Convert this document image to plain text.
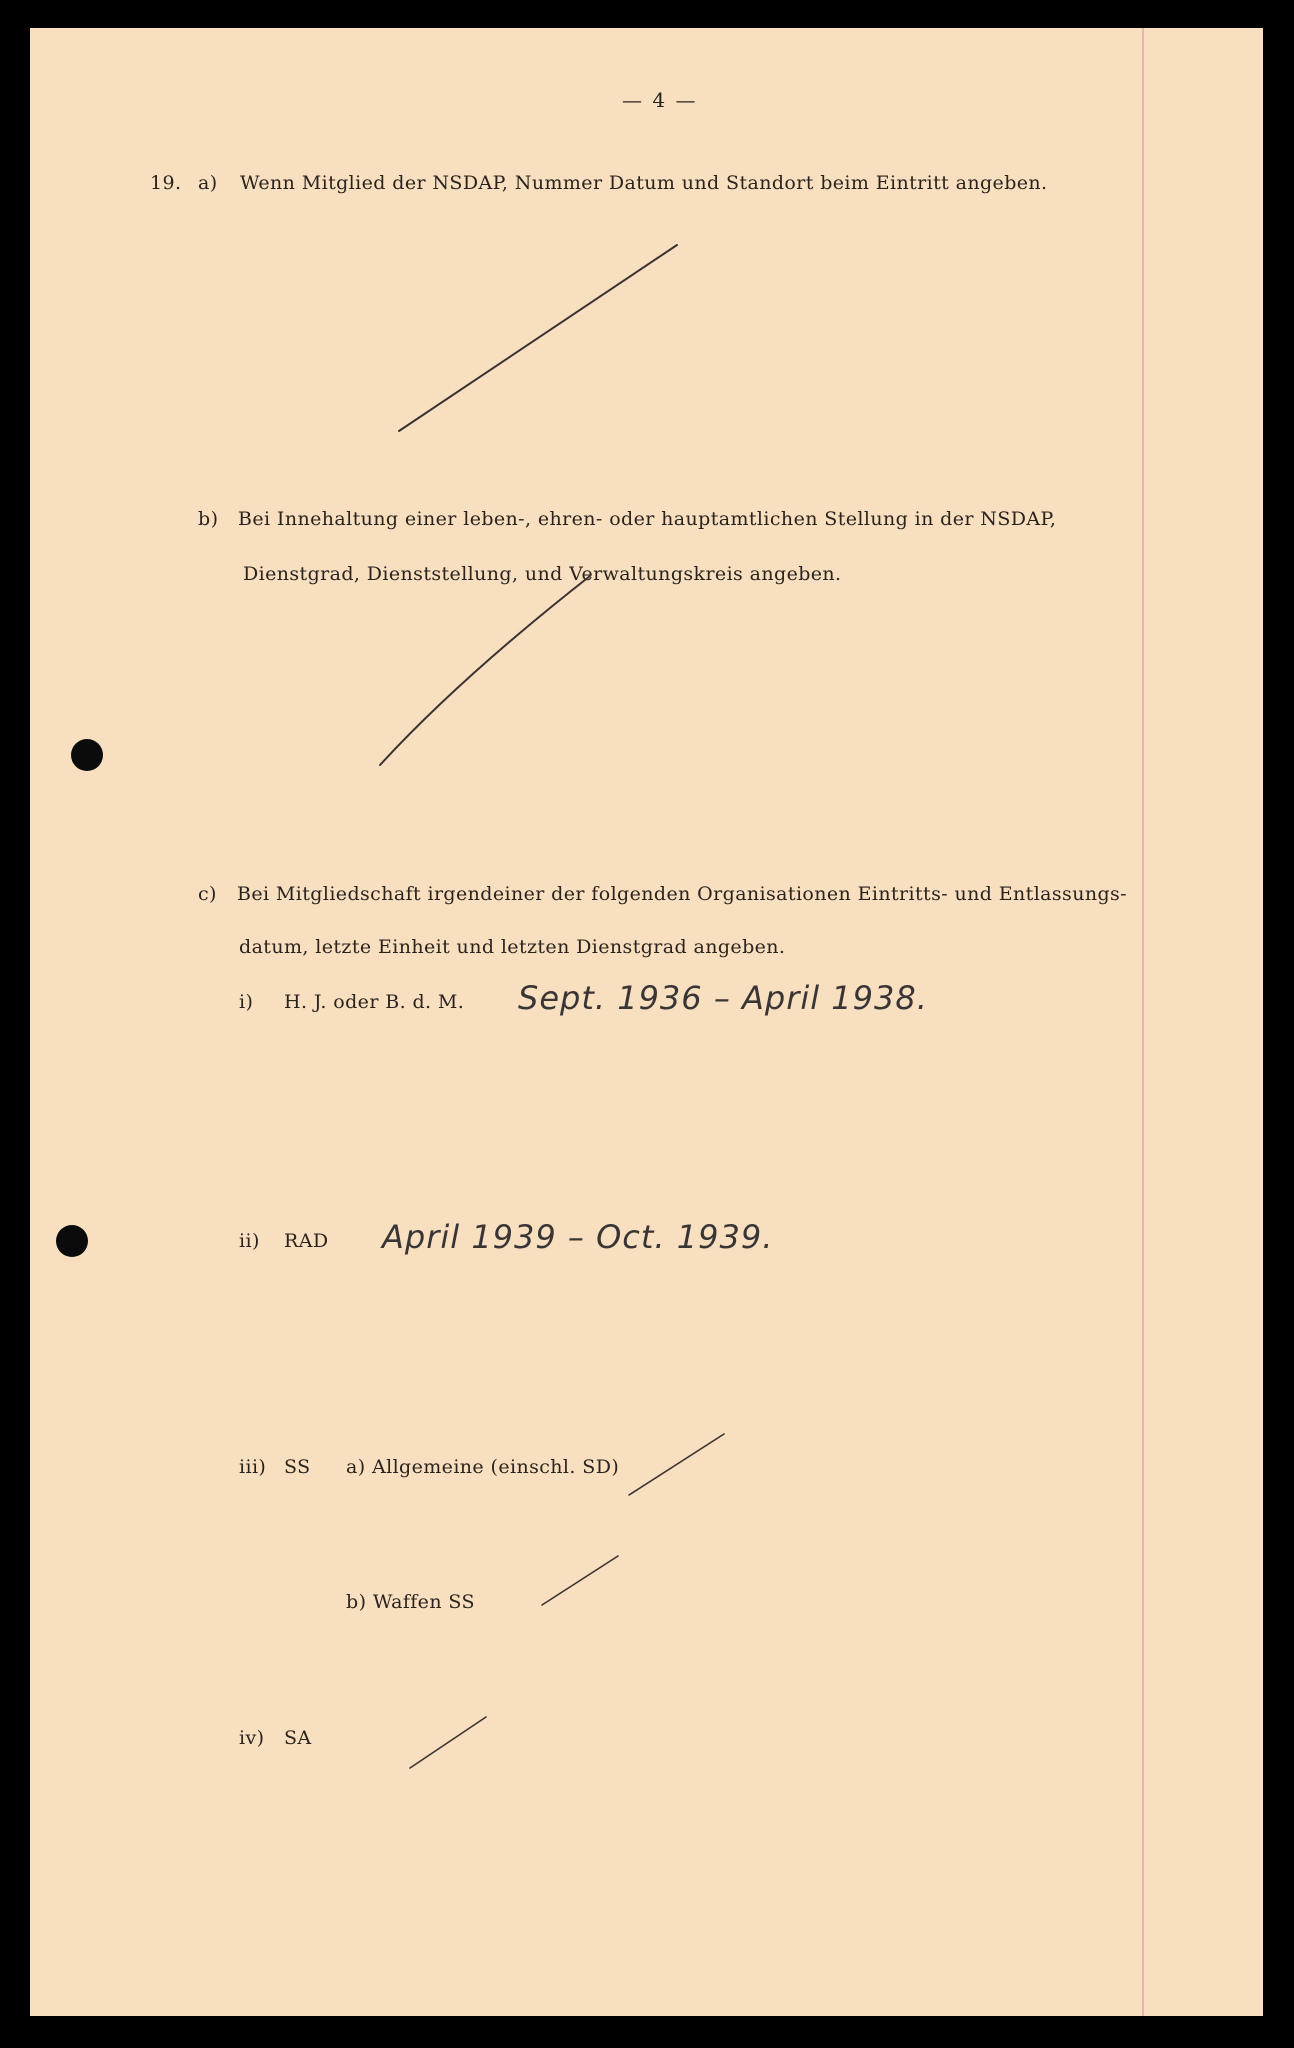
— 4 —
19. a) Wenn Mitglied der NSDAP, Nummer Datum und Standort beim Eintritt angeben.
b) Bei Innehaltung einer leben-, ehren- oder hauptamtlichen Stellung in der NSDAP,
Dienstgrad, Dienststellung, und Verwaltungskreis angeben.
c) Bei Mitgliedschaft irgendeiner der folgenden Organisationen Eintritts- und Entlassungs-
datum, letzte Einheit und letzten Dienstgrad angeben.
i) H. J. oder B. d. M. Sept. 1936 – April 1938.
ii) RAD April 1939 – Oct. 1939.
iii) SS a) Allgemeine (einschl. SD)
b) Waffen SS
iv) SA
